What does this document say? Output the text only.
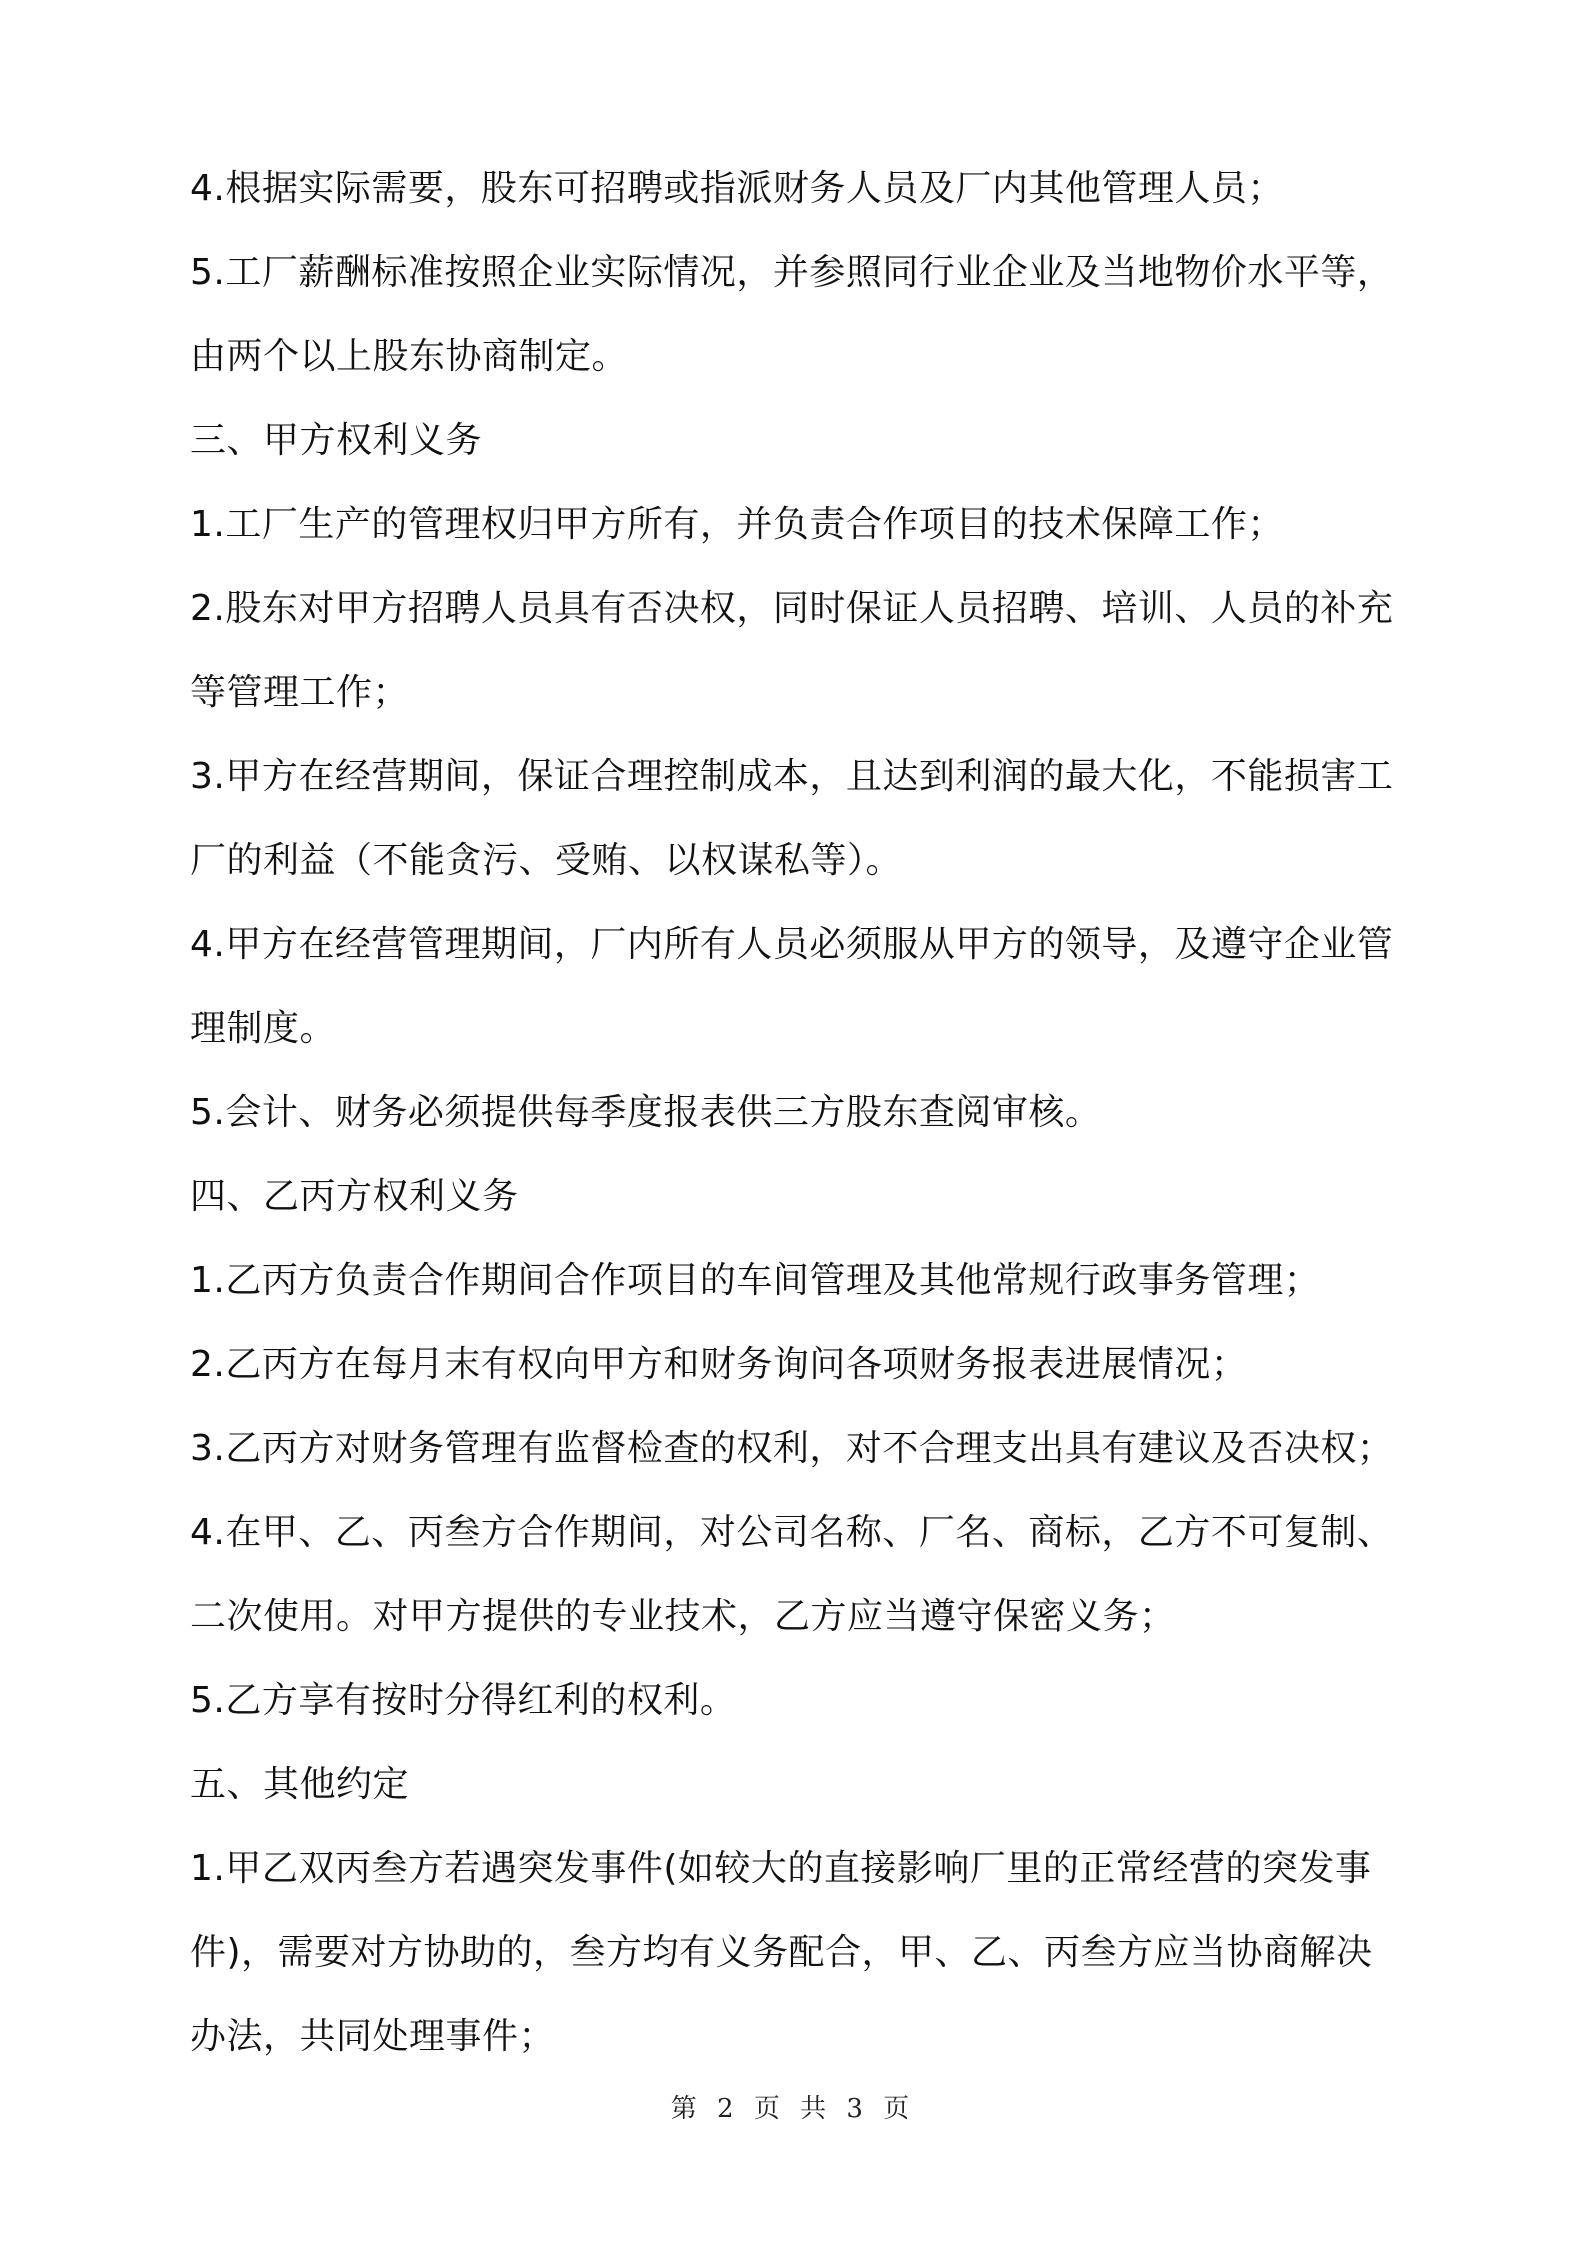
4.根据实际需要，股东可招聘或指派财务人员及厂内其他管理人员；
5.工厂薪酬标准按照企业实际情况，并参照同行业企业及当地物价水平等，
由两个以上股东协商制定。
三、甲方权利义务
1.工厂生产的管理权归甲方所有，并负责合作项目的技术保障工作；
2.股东对甲方招聘人员具有否决权，同时保证人员招聘、培训、人员的补充
等管理工作；
3.甲方在经营期间，保证合理控制成本，且达到利润的最大化，不能损害工
厂的利益（不能贪污、受贿、以权谋私等）。
4.甲方在经营管理期间，厂内所有人员必须服从甲方的领导，及遵守企业管
理制度。
5.会计、财务必须提供每季度报表供三方股东查阅审核。
四、乙丙方权利义务
1.乙丙方负责合作期间合作项目的车间管理及其他常规行政事务管理；
2.乙丙方在每月末有权向甲方和财务询问各项财务报表进展情况；
3.乙丙方对财务管理有监督检查的权利，对不合理支出具有建议及否决权；
4.在甲、乙、丙叁方合作期间，对公司名称、厂名、商标，乙方不可复制、
二次使用。对甲方提供的专业技术，乙方应当遵守保密义务；
5.乙方享有按时分得红利的权利。
五、其他约定
1.甲乙双丙叁方若遇突发事件(如较大的直接影响厂里的正常经营的突发事
件)，需要对方协助的，叁方均有义务配合，甲、乙、丙叁方应当协商解决
办法，共同处理事件；
第 2 页 共 3 页
